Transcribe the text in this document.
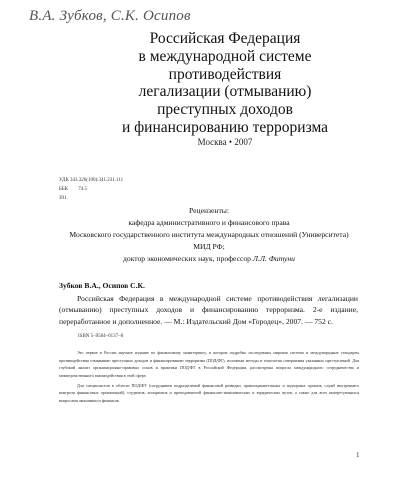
В.А. Зубков, С.К. Осипов
Российская Федерация
в международной системе
противодействия
легализации (отмыванию)
преступных доходов
и финансированию терроризма
Москва • 2007
УДК 343.326(100):341.231.111
ББК 74.5
З91
Рецензенты:
кафедра административного и финансового права
Московского государственного института международных отношений (Университета)
МИД РФ;
доктор экономических наук, профессор Л.Л. Фитуни
Зубков В.А., Осипов С.К.
Российская Федерация в международной системе противодействия легализации (отмыванию) преступных доходов и финансированию терроризма. 2-е издание, переработанное и дополненное. — М.: Издательский Дом «Городец», 2007. — 752 с.
ISBN 5–9584–0137–8

Это первое в России научное издание по финансовому мониторингу, в котором подробно исследованы мировая система и международные стандарты противодействия отмыванию преступных доходов и финансированию терроризма (ПОД/ФТ), изложены методы и типология совершения указанных преступлений. Для глубокий анализ организационно-правовых основ и практики ПОД/ФТ в Российской Федерации, рассмотрены вопросы международного сотрудничества и межведомственного взаимодействия в этой сфере.

Для специалистов в области ПОД/ФТ (сотрудников подразделений финансовой разведки, правоохранительных и надзорных органов, служб внутреннего контроля финансовых организаций), студентов, аспирантов и преподавателей финансово-экономических и юридических вузов, а также для всех интересующихся вопросами экономики и финансов.

1
